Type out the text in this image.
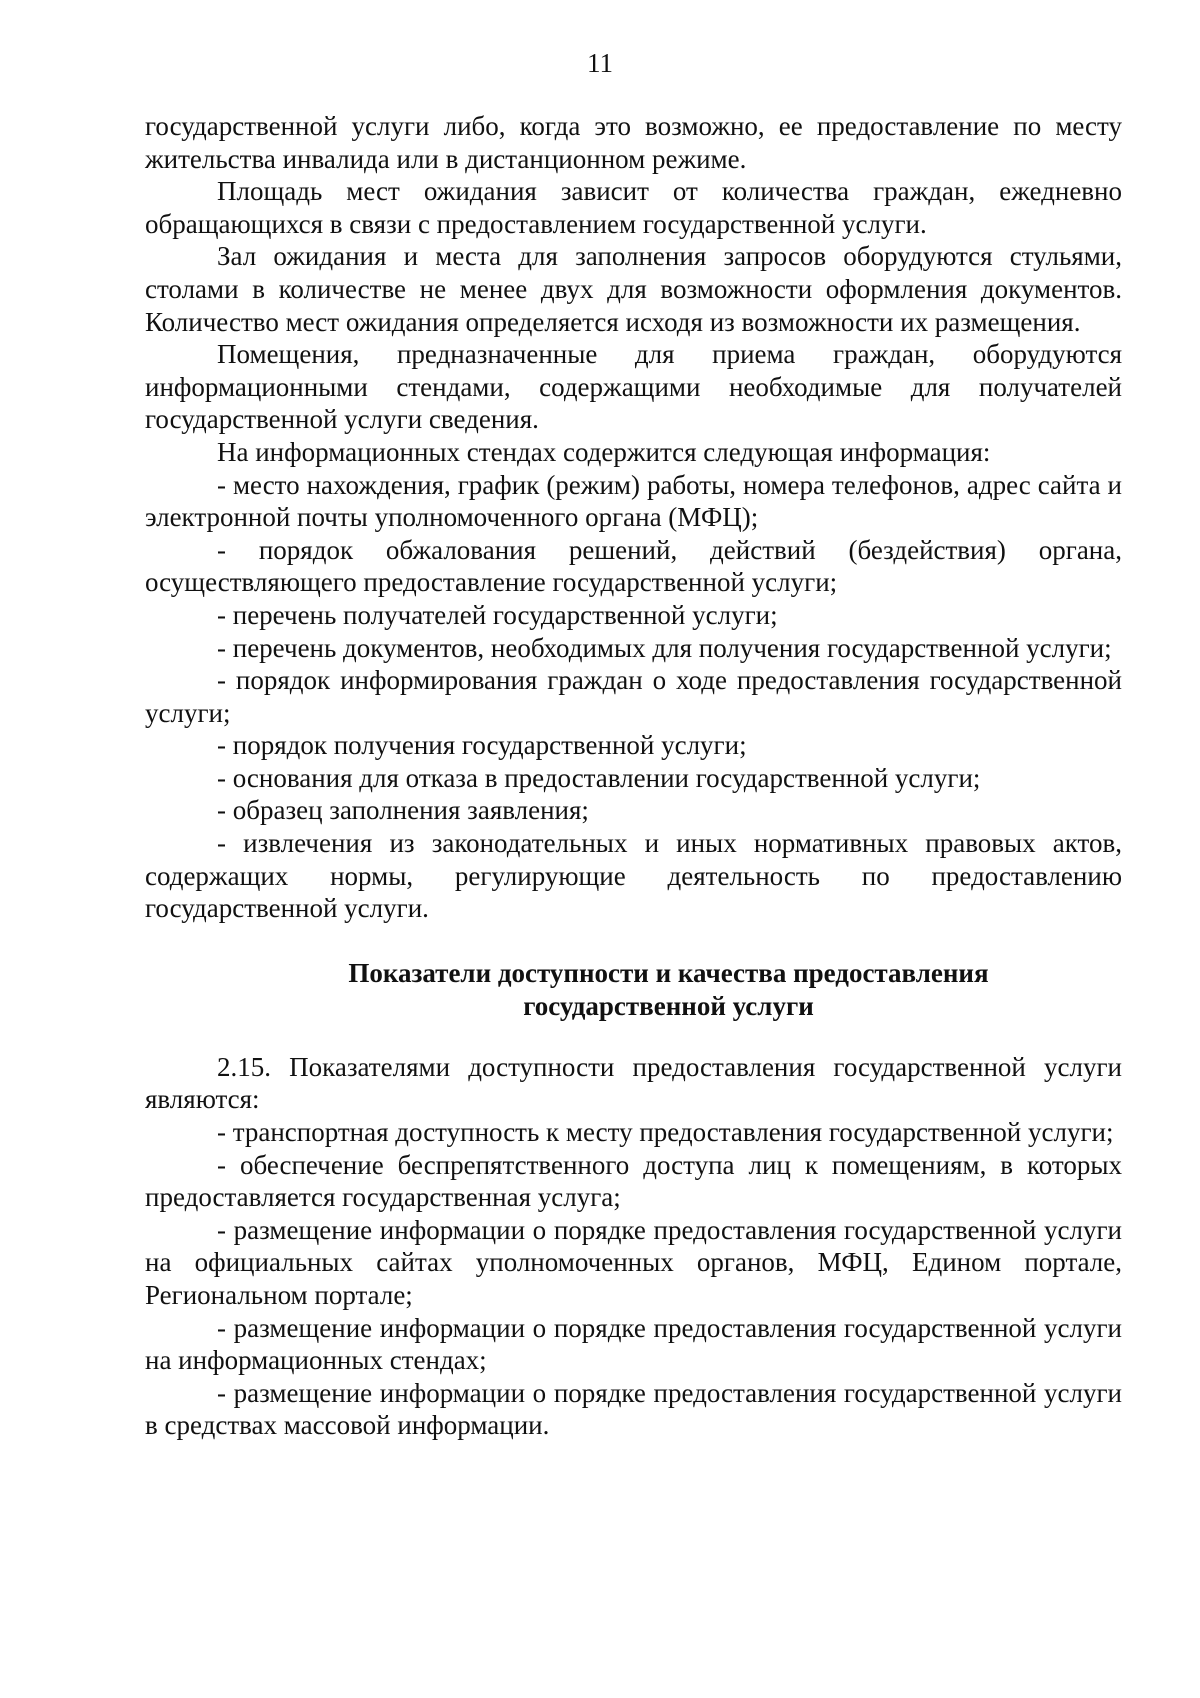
11

государственной услуги либо, когда это возможно, ее предоставление по месту жительства инвалида или в дистанционном режиме.

Площадь мест ожидания зависит от количества граждан, ежедневно обращающихся в связи с предоставлением государственной услуги.

Зал ожидания и места для заполнения запросов оборудуются стульями, столами в количестве не менее двух для возможности оформления документов.

Количество мест ожидания определяется исходя из возможности их размещения.

Помещения, предназначенные для приема граждан, оборудуются информационными стендами, содержащими необходимые для получателей государственной услуги сведения.

На информационных стендах содержится следующая информация:

- место нахождения, график (режим) работы, номера телефонов, адрес сайта и электронной почты уполномоченного органа (МФЦ);

- порядок обжалования решений, действий (бездействия) органа, осуществляющего предоставление государственной услуги;

- перечень получателей государственной услуги;

- перечень документов, необходимых для получения государственной услуги;

- порядок информирования граждан о ходе предоставления государственной услуги;

- порядок получения государственной услуги;

- основания для отказа в предоставлении государственной услуги;

- образец заполнения заявления;

- извлечения из законодательных и иных нормативных правовых актов, содержащих нормы, регулирующие деятельность по предоставлению государственной услуги.

Показатели доступности и качества предоставления
государственной услуги

2.15. Показателями доступности предоставления государственной услуги являются:

- транспортная доступность к месту предоставления государственной услуги;

- обеспечение беспрепятственного доступа лиц к помещениям, в которых предоставляется государственная услуга;

- размещение информации о порядке предоставления государственной услуги на официальных сайтах уполномоченных органов, МФЦ, Едином портале, Региональном портале;

- размещение информации о порядке предоставления государственной услуги на информационных стендах;

- размещение информации о порядке предоставления государственной услуги в средствах массовой информации.
